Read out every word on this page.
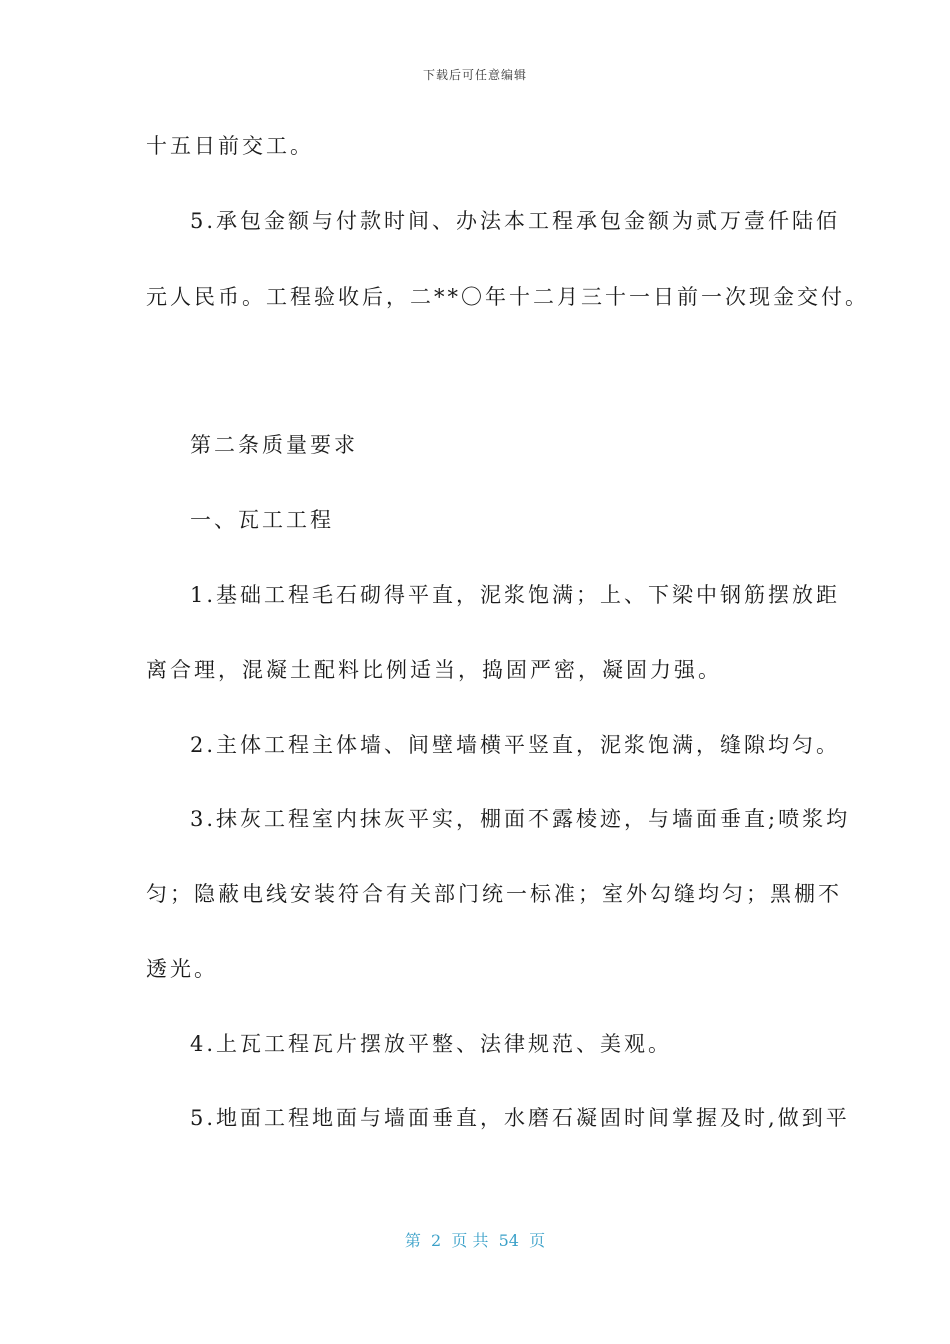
下载后可任意编辑
十五日前交工。
5.承包金额与付款时间、办法本工程承包金额为贰万壹仟陆佰
元人民币。工程验收后，二**〇年十二月三十一日前一次现金交付。
第二条质量要求
一、瓦工工程
1.基础工程毛石砌得平直，泥浆饱满；上、下梁中钢筋摆放距
离合理，混凝土配料比例适当，捣固严密，凝固力强。
2.主体工程主体墙、间壁墙横平竖直，泥浆饱满，缝隙均匀。
3.抹灰工程室内抹灰平实，棚面不露棱迹，与墙面垂直;喷浆均
匀；隐蔽电线安装符合有关部门统一标准；室外勾缝均匀；黑棚不
透光。
4.上瓦工程瓦片摆放平整、法律规范、美观。
5.地面工程地面与墙面垂直，水磨石凝固时间掌握及时,做到平
第  2  页 共  54  页
